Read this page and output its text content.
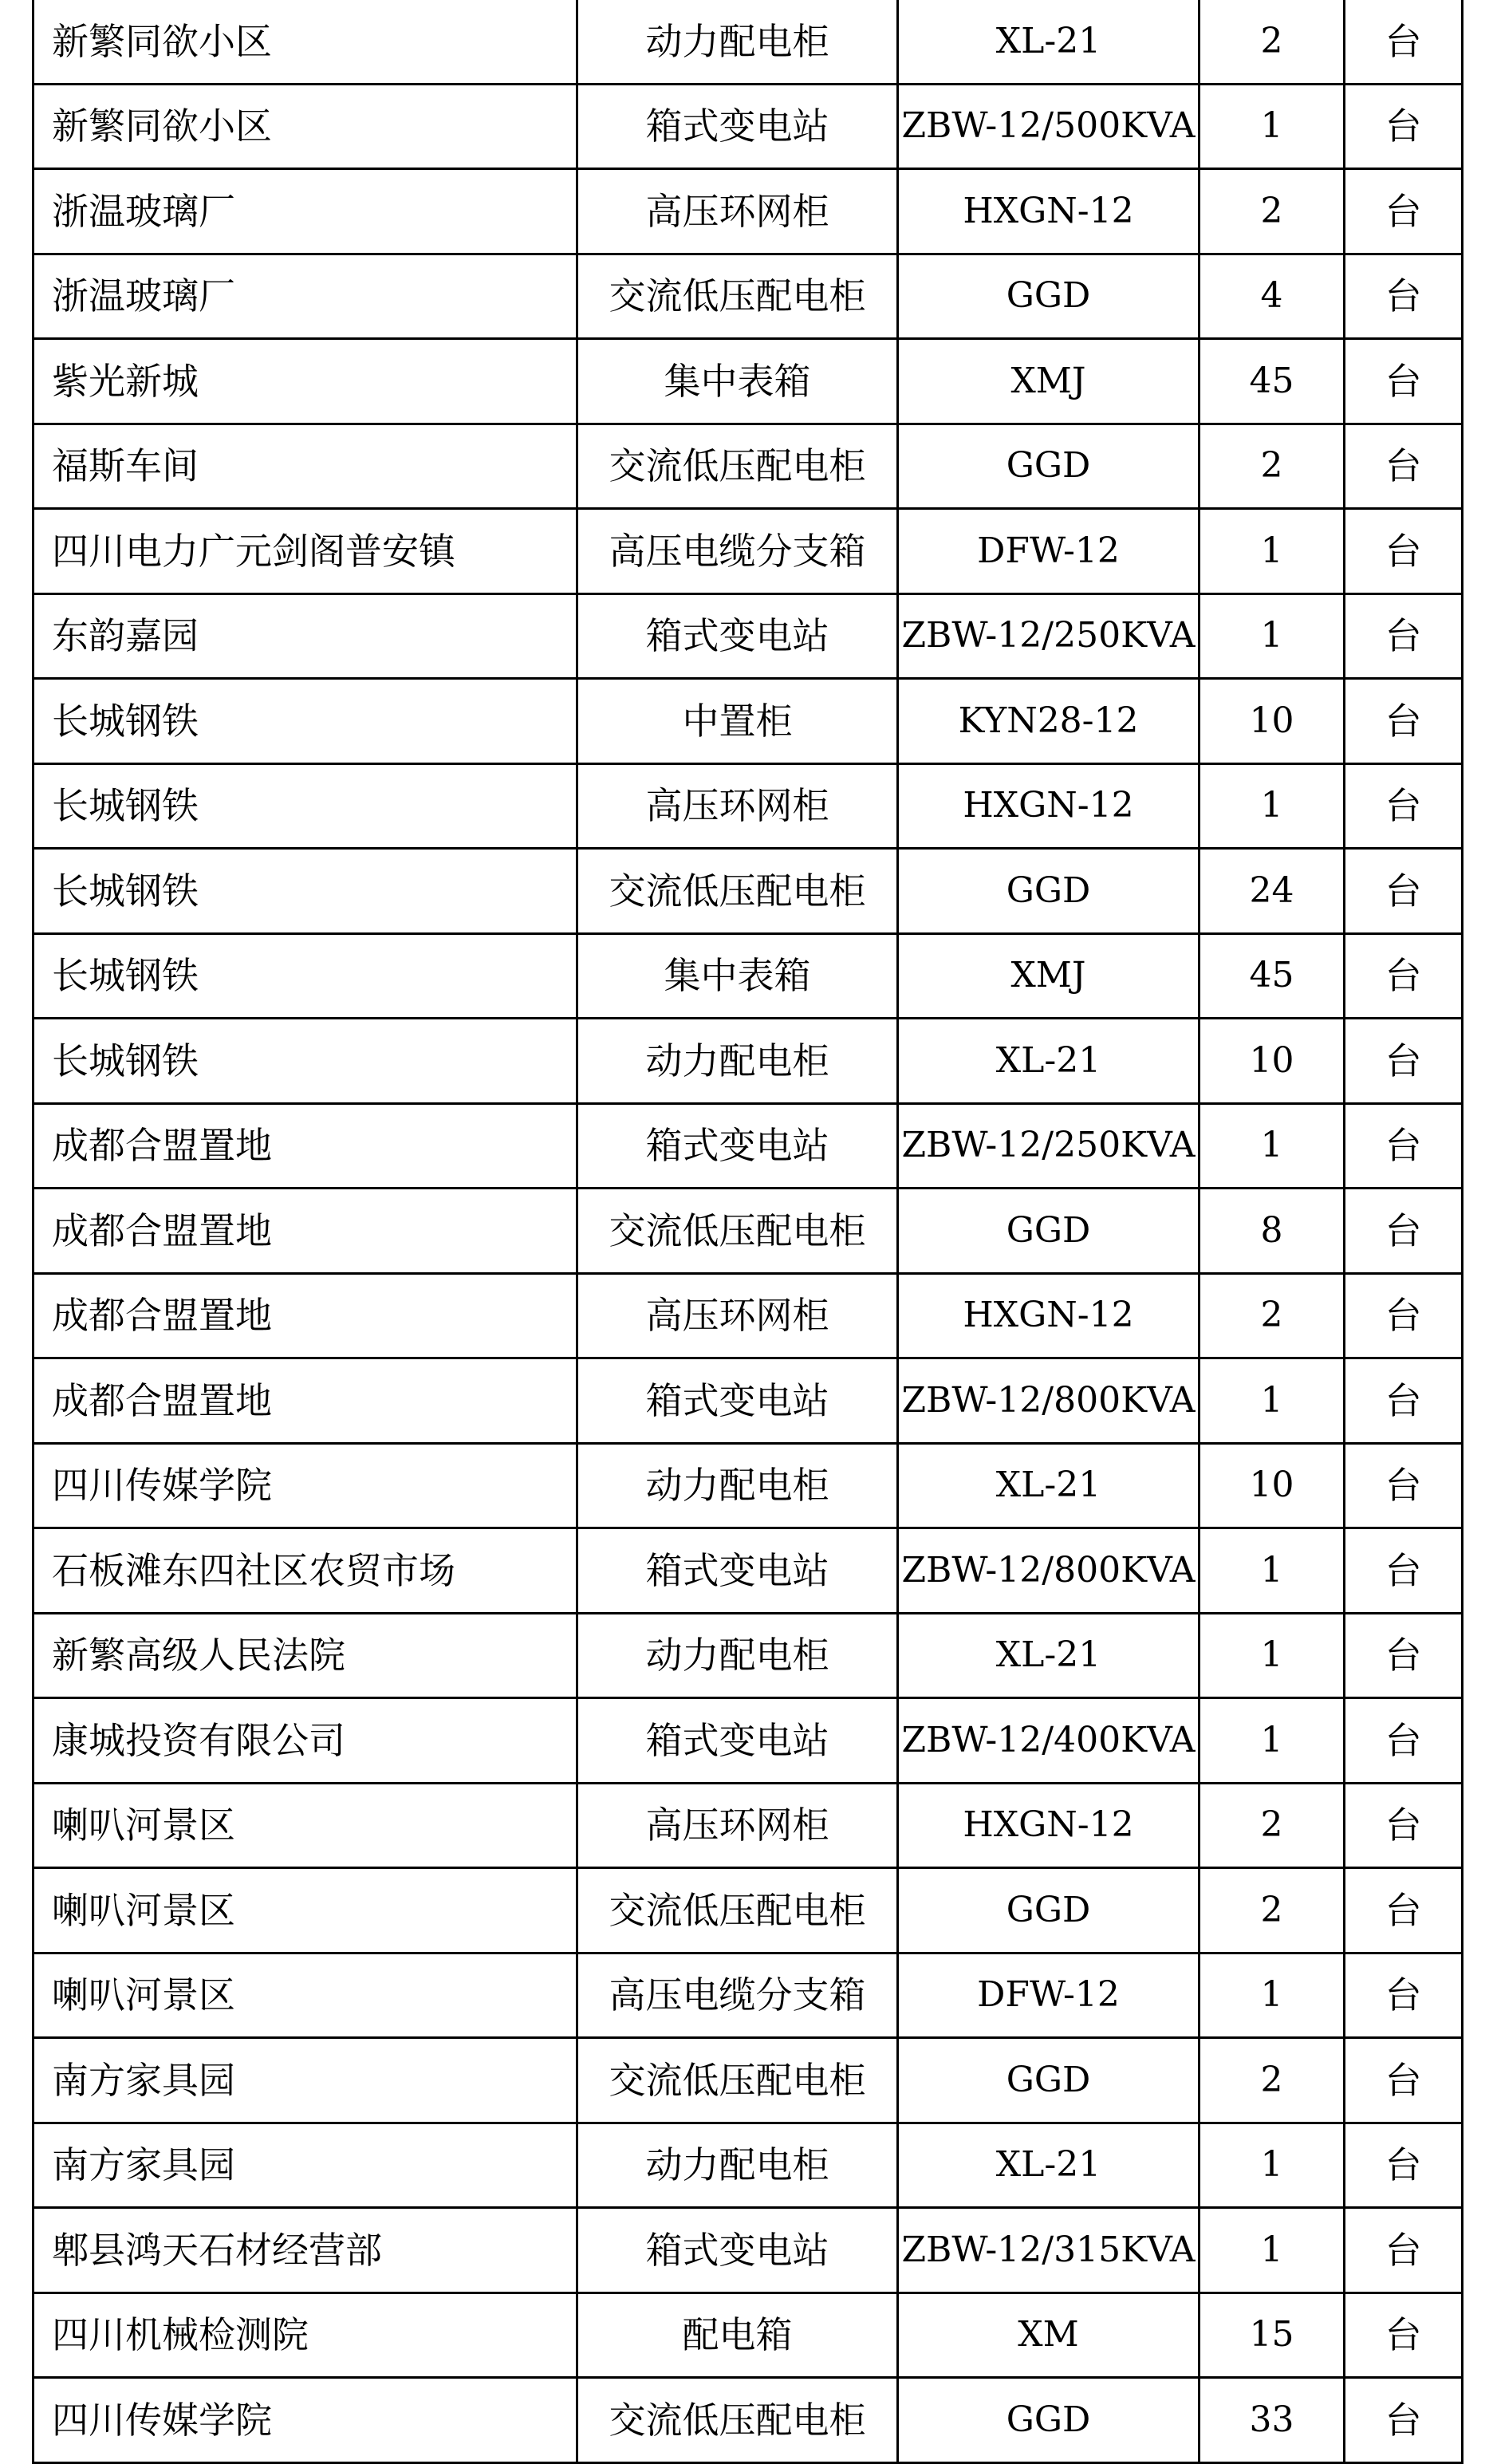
新繁同欲小区	动力配电柜	XL-21	2	台
新繁同欲小区	箱式变电站	ZBW-12/500KVA	1	台
浙温玻璃厂	高压环网柜	HXGN-12	2	台
浙温玻璃厂	交流低压配电柜	GGD	4	台
紫光新城	集中表箱	XMJ	45	台
福斯车间	交流低压配电柜	GGD	2	台
四川电力广元剑阁普安镇	高压电缆分支箱	DFW-12	1	台
东韵嘉园	箱式变电站	ZBW-12/250KVA	1	台
长城钢铁	中置柜	KYN28-12	10	台
长城钢铁	高压环网柜	HXGN-12	1	台
长城钢铁	交流低压配电柜	GGD	24	台
长城钢铁	集中表箱	XMJ	45	台
长城钢铁	动力配电柜	XL-21	10	台
成都合盟置地	箱式变电站	ZBW-12/250KVA	1	台
成都合盟置地	交流低压配电柜	GGD	8	台
成都合盟置地	高压环网柜	HXGN-12	2	台
成都合盟置地	箱式变电站	ZBW-12/800KVA	1	台
四川传媒学院	动力配电柜	XL-21	10	台
石板滩东四社区农贸市场	箱式变电站	ZBW-12/800KVA	1	台
新繁高级人民法院	动力配电柜	XL-21	1	台
康城投资有限公司	箱式变电站	ZBW-12/400KVA	1	台
喇叭河景区	高压环网柜	HXGN-12	2	台
喇叭河景区	交流低压配电柜	GGD	2	台
喇叭河景区	高压电缆分支箱	DFW-12	1	台
南方家具园	交流低压配电柜	GGD	2	台
南方家具园	动力配电柜	XL-21	1	台
郫县鸿天石材经营部	箱式变电站	ZBW-12/315KVA	1	台
四川机械检测院	配电箱	XM	15	台
四川传媒学院	交流低压配电柜	GGD	33	台
